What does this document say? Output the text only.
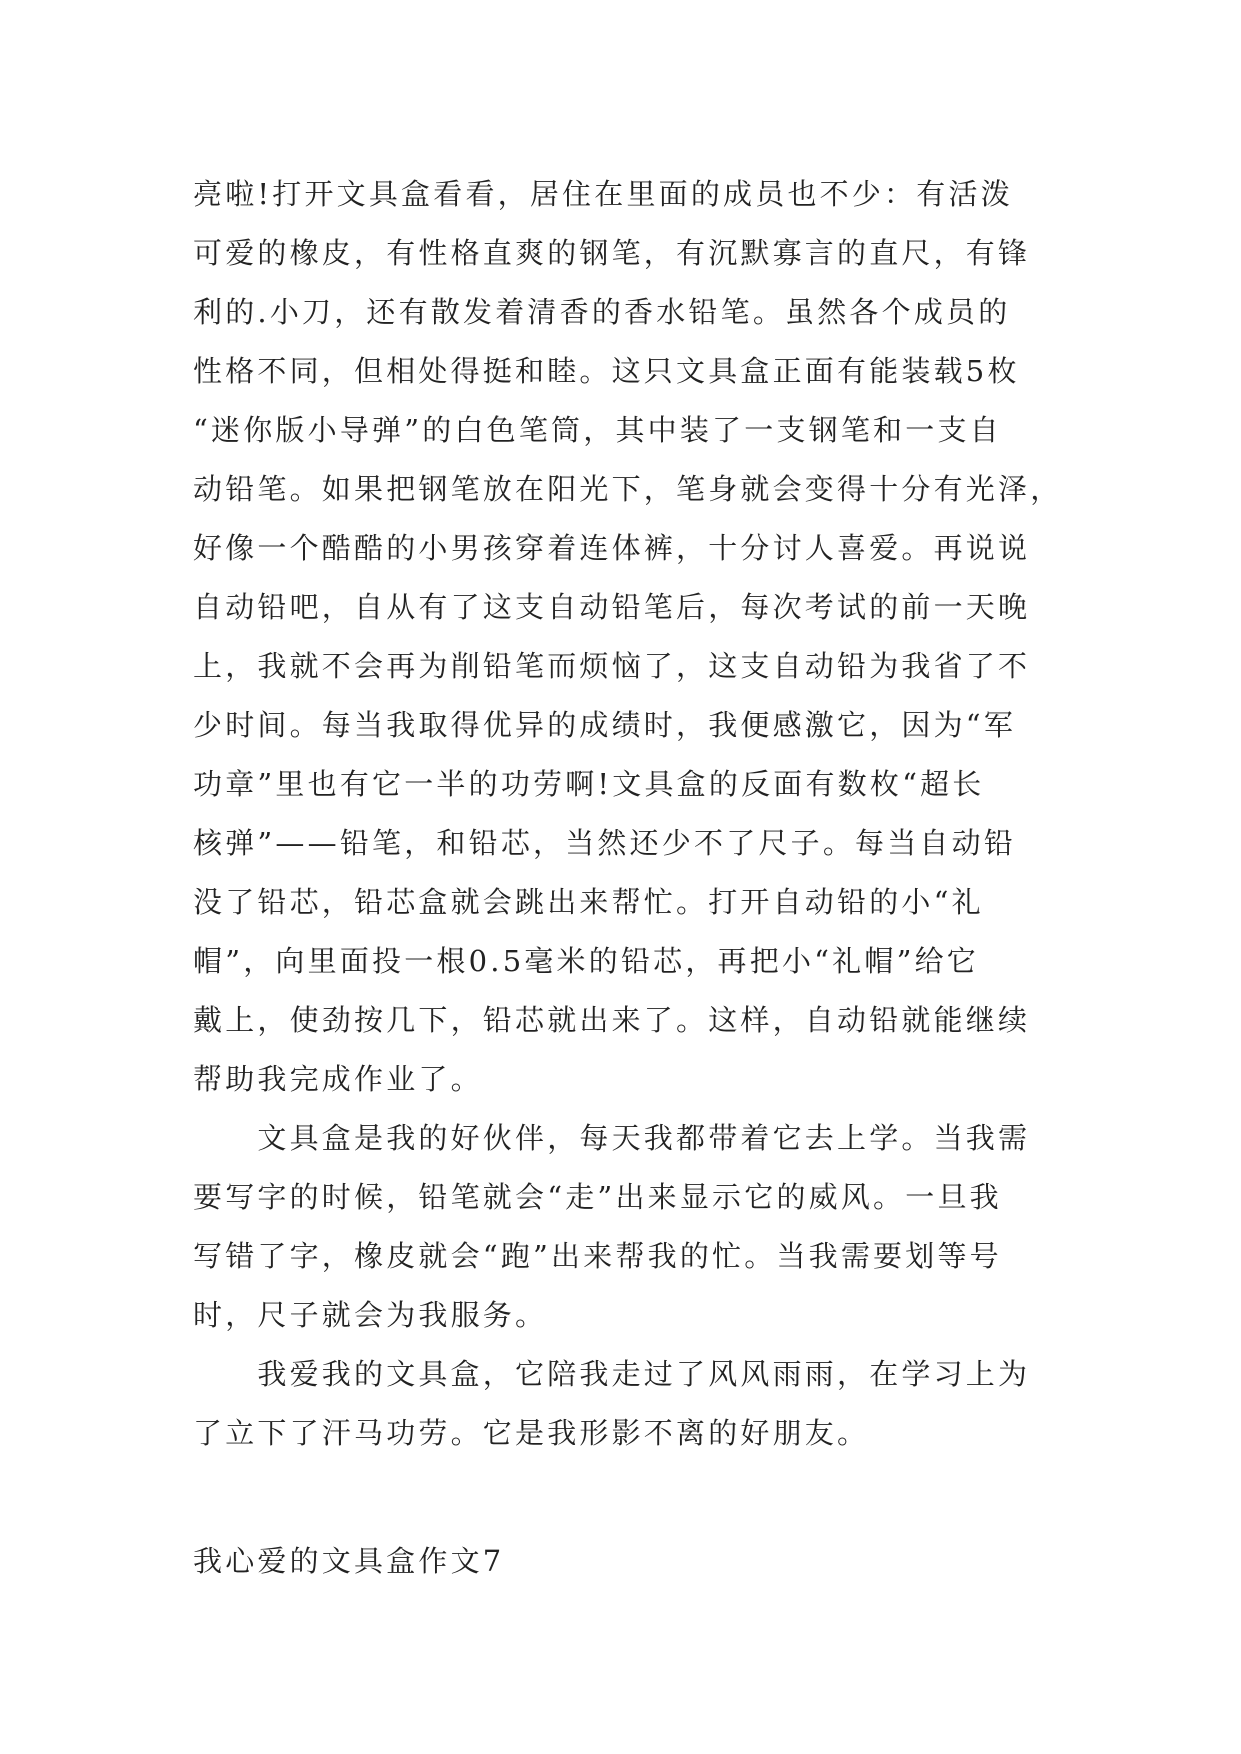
亮啦!打开文具盒看看，居住在里面的成员也不少：有活泼
可爱的橡皮，有性格直爽的钢笔，有沉默寡言的直尺，有锋
利的.小刀，还有散发着清香的香水铅笔。虽然各个成员的
性格不同，但相处得挺和睦。这只文具盒正面有能装载5枚
“迷你版小导弹”的白色笔筒，其中装了一支钢笔和一支自
动铅笔。如果把钢笔放在阳光下，笔身就会变得十分有光泽，
好像一个酷酷的小男孩穿着连体裤，十分讨人喜爱。再说说
自动铅吧，自从有了这支自动铅笔后，每次考试的前一天晚
上，我就不会再为削铅笔而烦恼了，这支自动铅为我省了不
少时间。每当我取得优异的成绩时，我便感激它，因为“军
功章”里也有它一半的功劳啊!文具盒的反面有数枚“超长
核弹”——铅笔，和铅芯，当然还少不了尺子。每当自动铅
没了铅芯，铅芯盒就会跳出来帮忙。打开自动铅的小“礼
帽”，向里面投一根0.5毫米的铅芯，再把小“礼帽”给它
戴上，使劲按几下，铅芯就出来了。这样，自动铅就能继续
帮助我完成作业了。
　　文具盒是我的好伙伴，每天我都带着它去上学。当我需
要写字的时候，铅笔就会“走”出来显示它的威风。一旦我
写错了字，橡皮就会“跑”出来帮我的忙。当我需要划等号
时，尺子就会为我服务。
　　我爱我的文具盒，它陪我走过了风风雨雨，在学习上为
了立下了汗马功劳。它是我形影不离的好朋友。
我心爱的文具盒作文7
